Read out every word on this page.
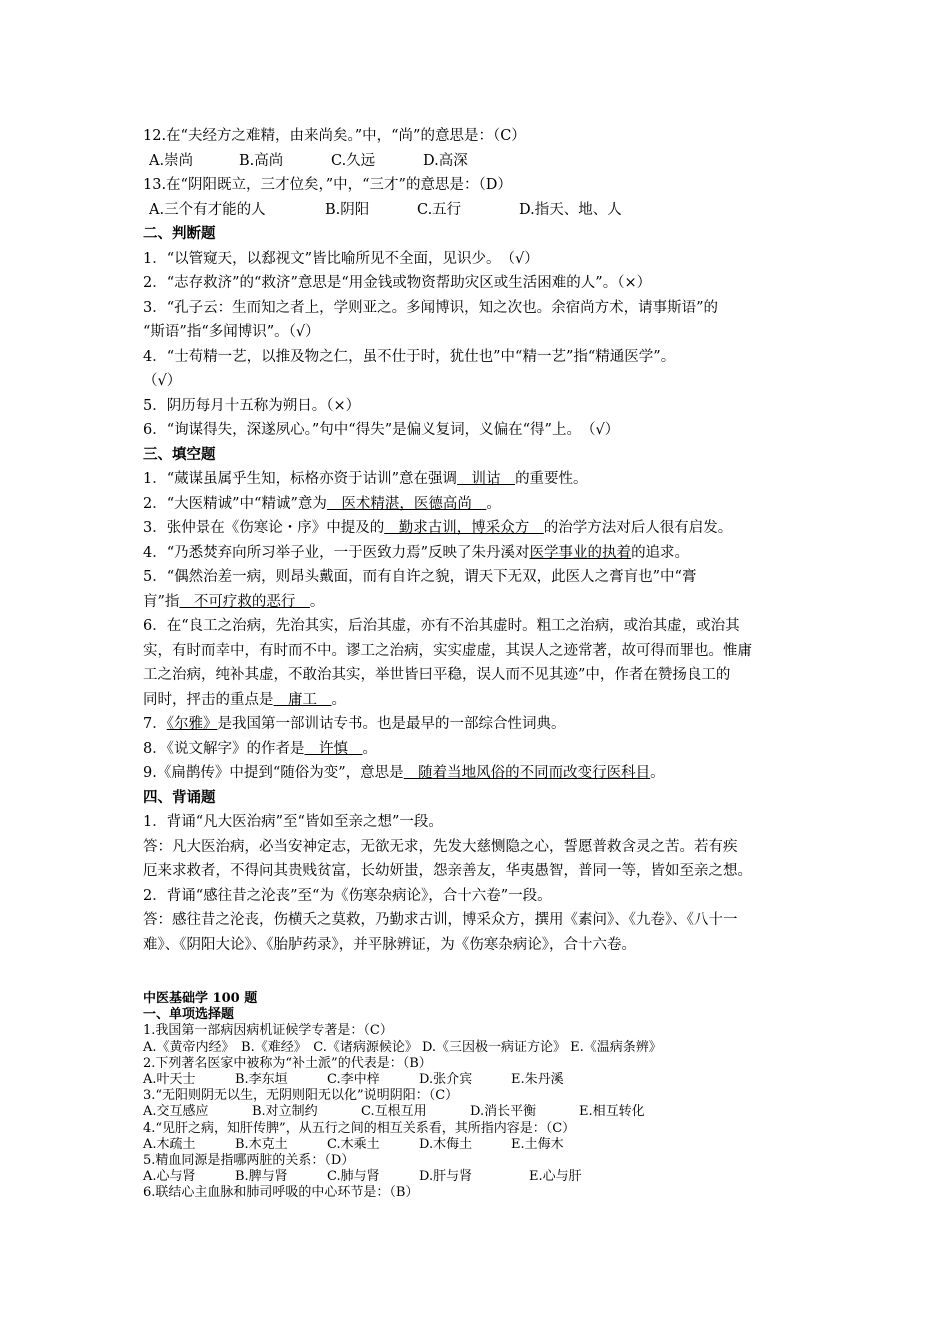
12.在“夫经方之难精，由来尚矣。”中，“尚”的意思是：（C）
A.崇尚	B.高尚	C.久远	D.高深
13.在“阴阳既立，三才位矣，”中，“三才”的意思是：（D）
A.三个有才能的人	B.阴阳	C.五行	D.指天、地、人
二、判断题
1．“以管窥天，以郄视文”皆比喻所见不全面，见识少。　（√）
2．“志存救济”的“救济”意思是“用金钱或物资帮助灾区或生活困难的人”。（×）
3．“孔子云：生而知之者上，学则亚之。多闻博识，知之次也。余宿尚方术，请事斯语”的
“斯语”指“多闻博识”。（√）
4．“士苟精一艺，以推及物之仁，虽不仕于时，犹仕也”中“精一艺”指“精通医学”。
（√）
5．阴历每月十五称为朔日。（×）
6．“询谋得失，深遂夙心。”句中“得失”是偏义复词，义偏在“得”上。　（√）
三、填空题
1．“蒇谋虽属乎生知，标格亦资于诂训”意在强调　训诂　的重要性。
2．“大医精诚”中“精诚”意为　医术精湛，医德高尚　。
3．张仲景在《伤寒论・序》中提及的　勤求古训，博采众方　的治学方法对后人很有启发。
4．“乃悉焚弃向所习举子业，一于医致力焉”反映了朱丹溪对医学事业的执着的追求。
5．“偶然治差一病，则昂头戴面，而有自许之貌，谓天下无双，此医人之膏肓也”中“膏
肓”指　不可疗救的恶行　。
6．在“良工之治病，先治其实，后治其虚，亦有不治其虚时。粗工之治病，或治其虚，或治其
实，有时而幸中，有时而不中。谬工之治病，实实虚虚，其误人之迹常著，故可得而罪也。惟庸
工之治病，纯补其虚，不敢治其实，举世皆曰平稳，误人而不见其迹”中，作者在赞扬良工的
同时，抨击的重点是　庸工　。
7．《尔雅》是我国第一部训诂专书。也是最早的一部综合性词典。
8．《说文解字》的作者是　许慎　。
9.《扁鹊传》中提到“随俗为变”，意思是　随着当地风俗的不同而改变行医科目。
四、背诵题
1．背诵“凡大医治病”至“皆如至亲之想”一段。
答：凡大医治病，必当安神定志，无欲无求，先发大慈恻隐之心，誓愿普救含灵之苦。若有疾
厄来求救者，不得问其贵贱贫富，长幼妍蚩，怨亲善友，华夷愚智，普同一等，皆如至亲之想。
2．背诵“感往昔之沦丧”至“为《伤寒杂病论》，合十六卷”一段。
答：感往昔之沦丧，伤横夭之莫救，乃勤求古训，博采众方，撰用《素问》、《九卷》、《八十一
难》、《阴阳大论》、《胎胪药录》，并平脉辨证，为《伤寒杂病论》，合十六卷。
中医基础学 100 题
一、单项选择题
1.我国第一部病因病机证候学专著是：（C）
A.《黄帝内经》　B.《难经》　C.《诸病源候论》 D.《三因极一病证方论》 E.《温病条辨》
2.下列著名医家中被称为“补土派”的代表是：（B）
A.叶天士	B.李东垣	C.李中梓	D.张介宾	E.朱丹溪
3.“无阳则阴无以生，无阴则阳无以化”说明阴阳：（C）
A.交互感应	B.对立制约	C.互根互用	D.消长平衡	E.相互转化
4.“见肝之病，知肝传脾”，从五行之间的相互关系看，其所指内容是：（C）
A.木疏土	B.木克土	C.木乘土	D.木侮土	E.土侮木
5.精血同源是指哪两脏的关系：（D）
A.心与肾	B.脾与肾	C.肺与肾	D.肝与肾	E.心与肝
6.联结心主血脉和肺司呼吸的中心环节是：（B）
